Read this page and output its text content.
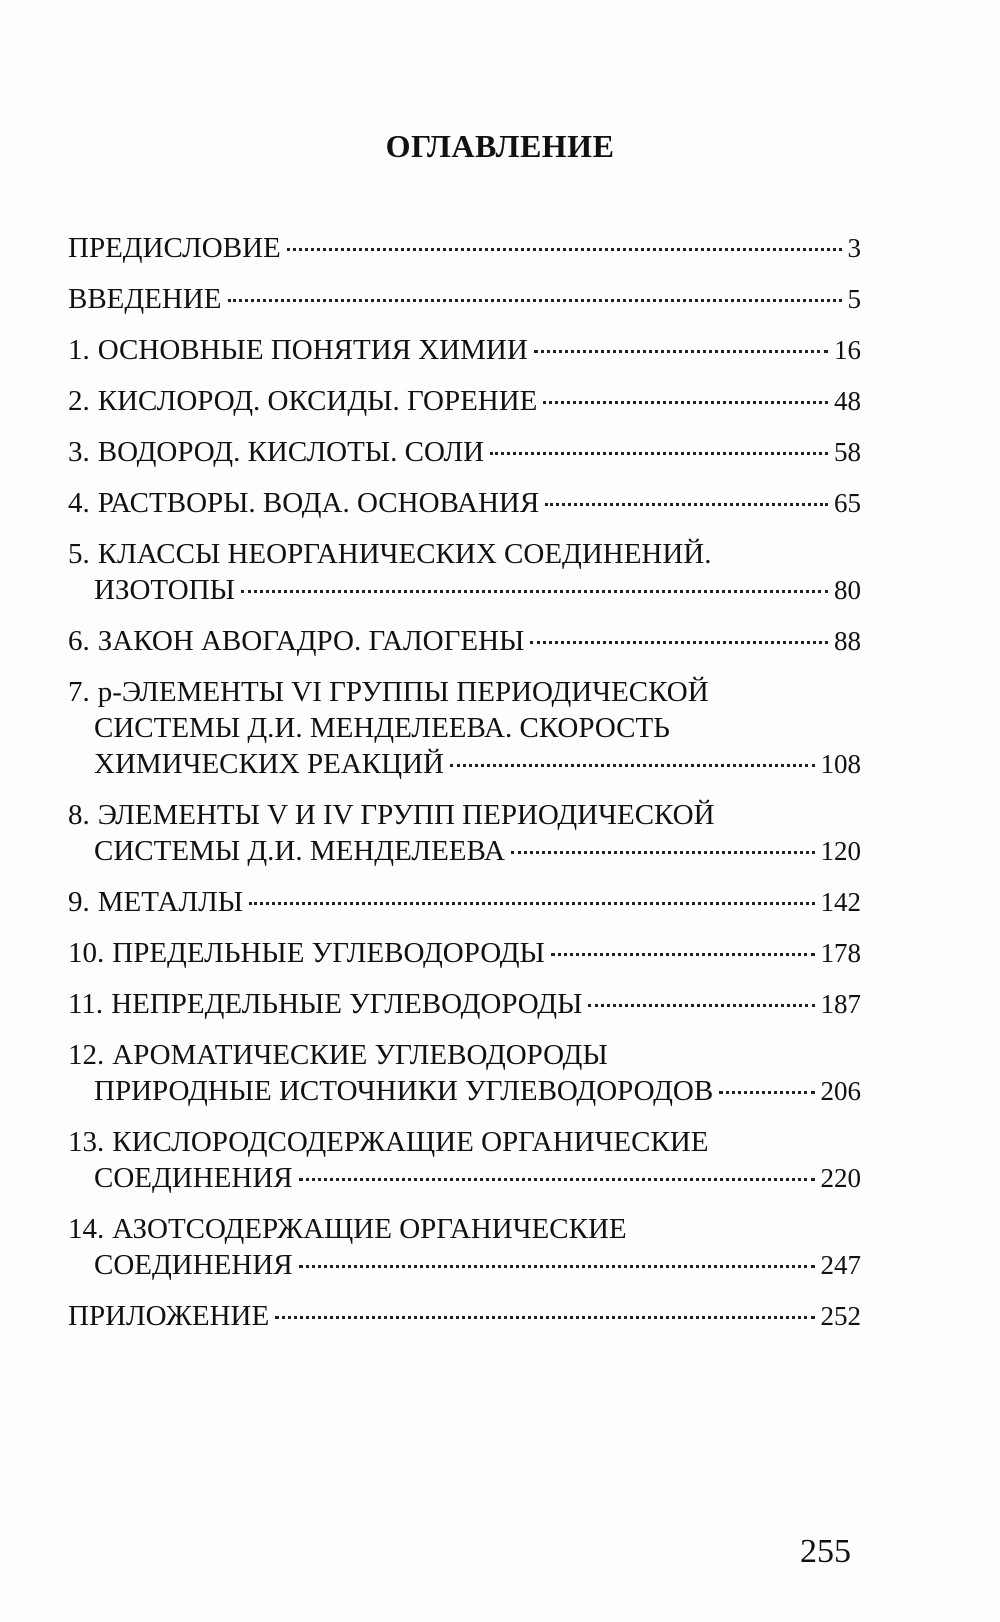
ОГЛАВЛЕНИЕ
ПРЕДИСЛОВИЕ	3
ВВЕДЕНИЕ	5
1. ОСНОВНЫЕ ПОНЯТИЯ ХИМИИ	16
2. КИСЛОРОД. ОКСИДЫ. ГОРЕНИЕ	48
3. ВОДОРОД. КИСЛОТЫ. СОЛИ	58
4. РАСТВОРЫ. ВОДА. ОСНОВАНИЯ	65
5. КЛАССЫ НЕОРГАНИЧЕСКИХ СОЕДИНЕНИЙ.
ИЗОТОПЫ	80
6. ЗАКОН АВОГАДРО. ГАЛОГЕНЫ	88
7. p-ЭЛЕМЕНТЫ VI ГРУППЫ ПЕРИОДИЧЕСКОЙ
СИСТЕМЫ Д.И. МЕНДЕЛЕЕВА. СКОРОСТЬ
ХИМИЧЕСКИХ РЕАКЦИЙ	108
8. ЭЛЕМЕНТЫ V И IV ГРУПП ПЕРИОДИЧЕСКОЙ
СИСТЕМЫ Д.И. МЕНДЕЛЕЕВА	120
9. МЕТАЛЛЫ	142
10. ПРЕДЕЛЬНЫЕ УГЛЕВОДОРОДЫ	178
11. НЕПРЕДЕЛЬНЫЕ УГЛЕВОДОРОДЫ	187
12. АРОМАТИЧЕСКИЕ УГЛЕВОДОРОДЫ
ПРИРОДНЫЕ ИСТОЧНИКИ УГЛЕВОДОРОДОВ	206
13. КИСЛОРОДСОДЕРЖАЩИЕ ОРГАНИЧЕСКИЕ
СОЕДИНЕНИЯ	220
14. АЗОТСОДЕРЖАЩИЕ ОРГАНИЧЕСКИЕ
СОЕДИНЕНИЯ	247
ПРИЛОЖЕНИЕ	252
255
